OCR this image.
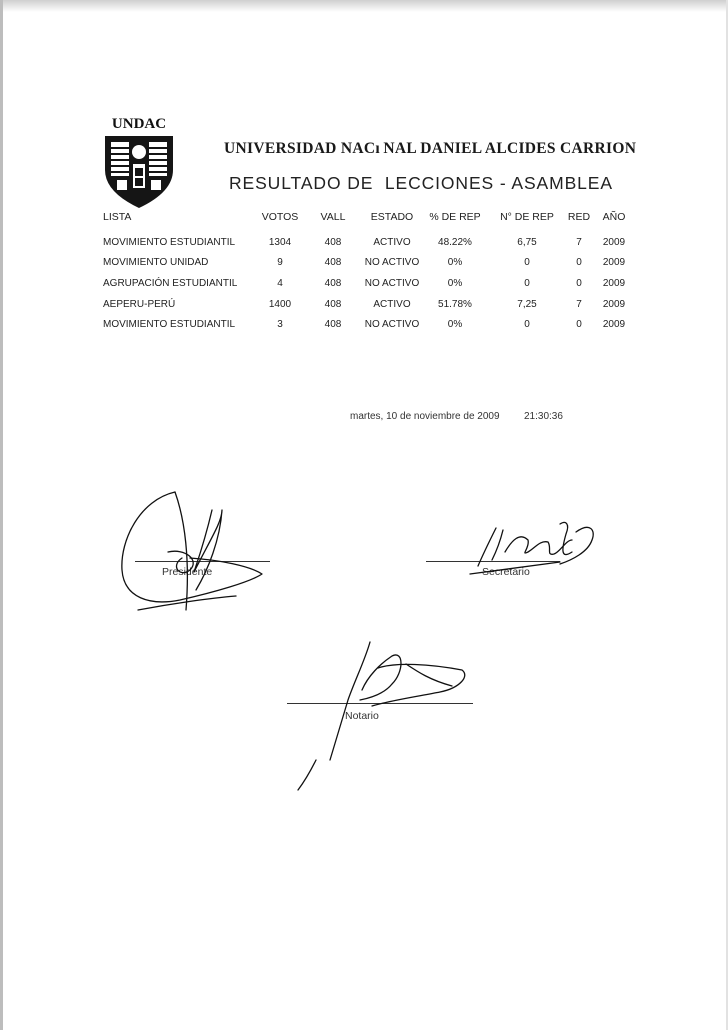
UNDAC
UNIVERSIDAD NACı NAL DANIEL ALCIDES CARRION
RESULTADO DE  LECCIONES - ASAMBLEA
LISTA	VOTOS	VALL	ESTADO	% DE REP	N° DE REP	RED	AÑO
MOVIMIENTO ESTUDIANTIL	1304	408	ACTIVO	48.22%	6,75	7	2009
MOVIMIENTO UNIDAD	9	408	NO ACTIVO	0%	0	0	2009
AGRUPACIÓN ESTUDIANTIL	4	408	NO ACTIVO	0%	0	0	2009
AEPERU-PERÚ	1400	408	ACTIVO	51.78%	7,25	7	2009
MOVIMIENTO ESTUDIANTIL	3	408	NO ACTIVO	0%	0	0	2009
martes, 10 de noviembre de 2009 21:30:36
Presidente	Secretario
Notario
